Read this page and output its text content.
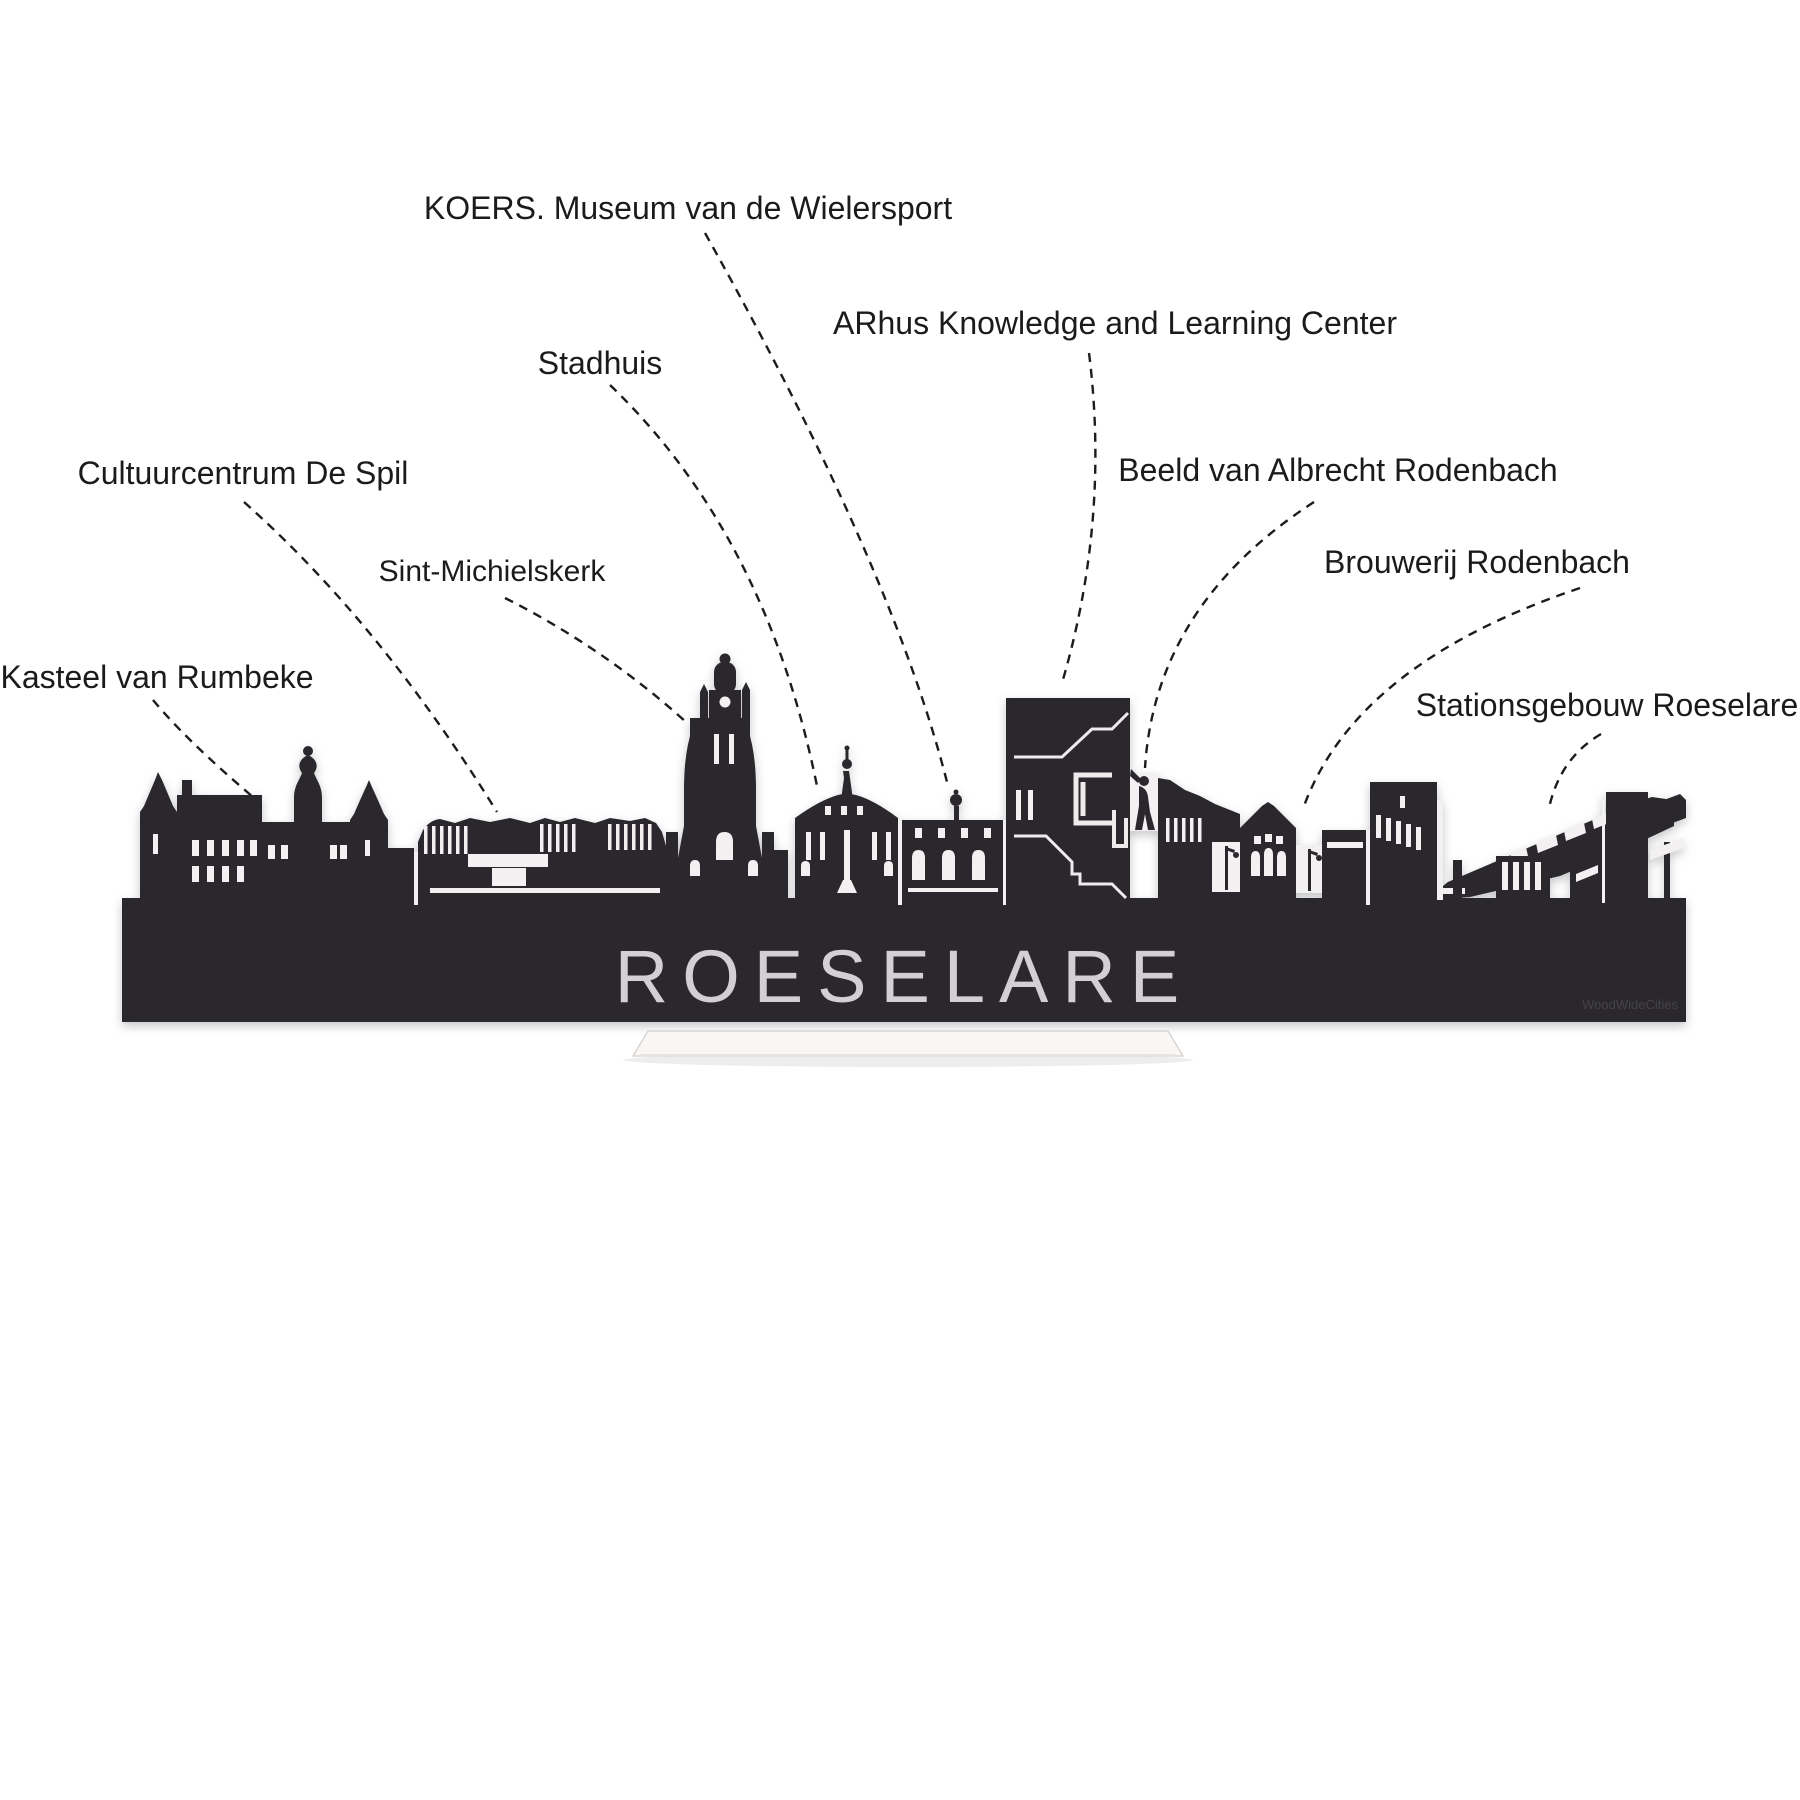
Kasteel van Rumbeke
Cultuurcentrum De Spil
Sint-Michielskerk
Stadhuis
KOERS. Museum van de Wielersport
ARhus Knowledge and Learning Center
Beeld van Albrecht Rodenbach
Brouwerij Rodenbach
Stationsgebouw Roeselare
ROESELARE	WoodWideCities
